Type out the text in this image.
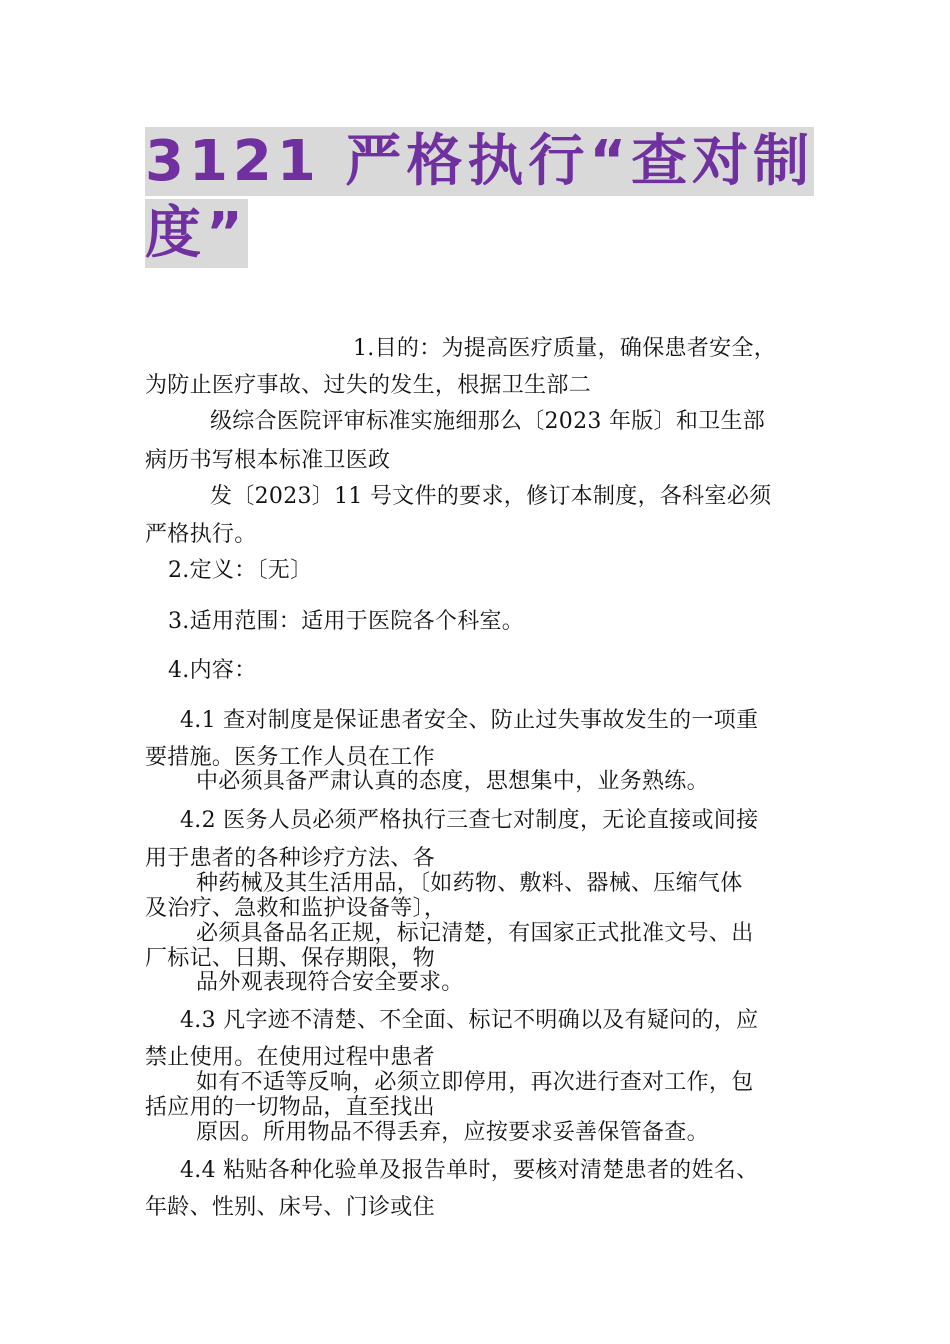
3121 严格执行“查对制度”
1.目的：为提高医疗质量，确保患者安全，
为防止医疗事故、过失的发生，根据卫生部二
级综合医院评审标准实施细那么〔2023 年版〕和卫生部
病历书写根本标准卫医政
发〔2023〕11 号文件的要求，修订本制度，各科室必须
严格执行。
2.定义：〔无〕
3.适用范围：适用于医院各个科室。
4.内容：
4.1 查对制度是保证患者安全、防止过失事故发生的一项重
要措施。医务工作人员在工作
中必须具备严肃认真的态度，思想集中，业务熟练。
4.2 医务人员必须严格执行三查七对制度，无论直接或间接
用于患者的各种诊疗方法、各
种药械及其生活用品，〔如药物、敷料、器械、压缩气体
及治疗、急救和监护设备等〕，
必须具备品名正规，标记清楚，有国家正式批准文号、出
厂标记、日期、保存期限，物
品外观表现符合安全要求。
4.3 凡字迹不清楚、不全面、标记不明确以及有疑问的，应
禁止使用。在使用过程中患者
如有不适等反响，必须立即停用，再次进行查对工作，包
括应用的一切物品，直至找出
原因。所用物品不得丢弃，应按要求妥善保管备查。
4.4 粘贴各种化验单及报告单时，要核对清楚患者的姓名、
年龄、性别、床号、门诊或住
